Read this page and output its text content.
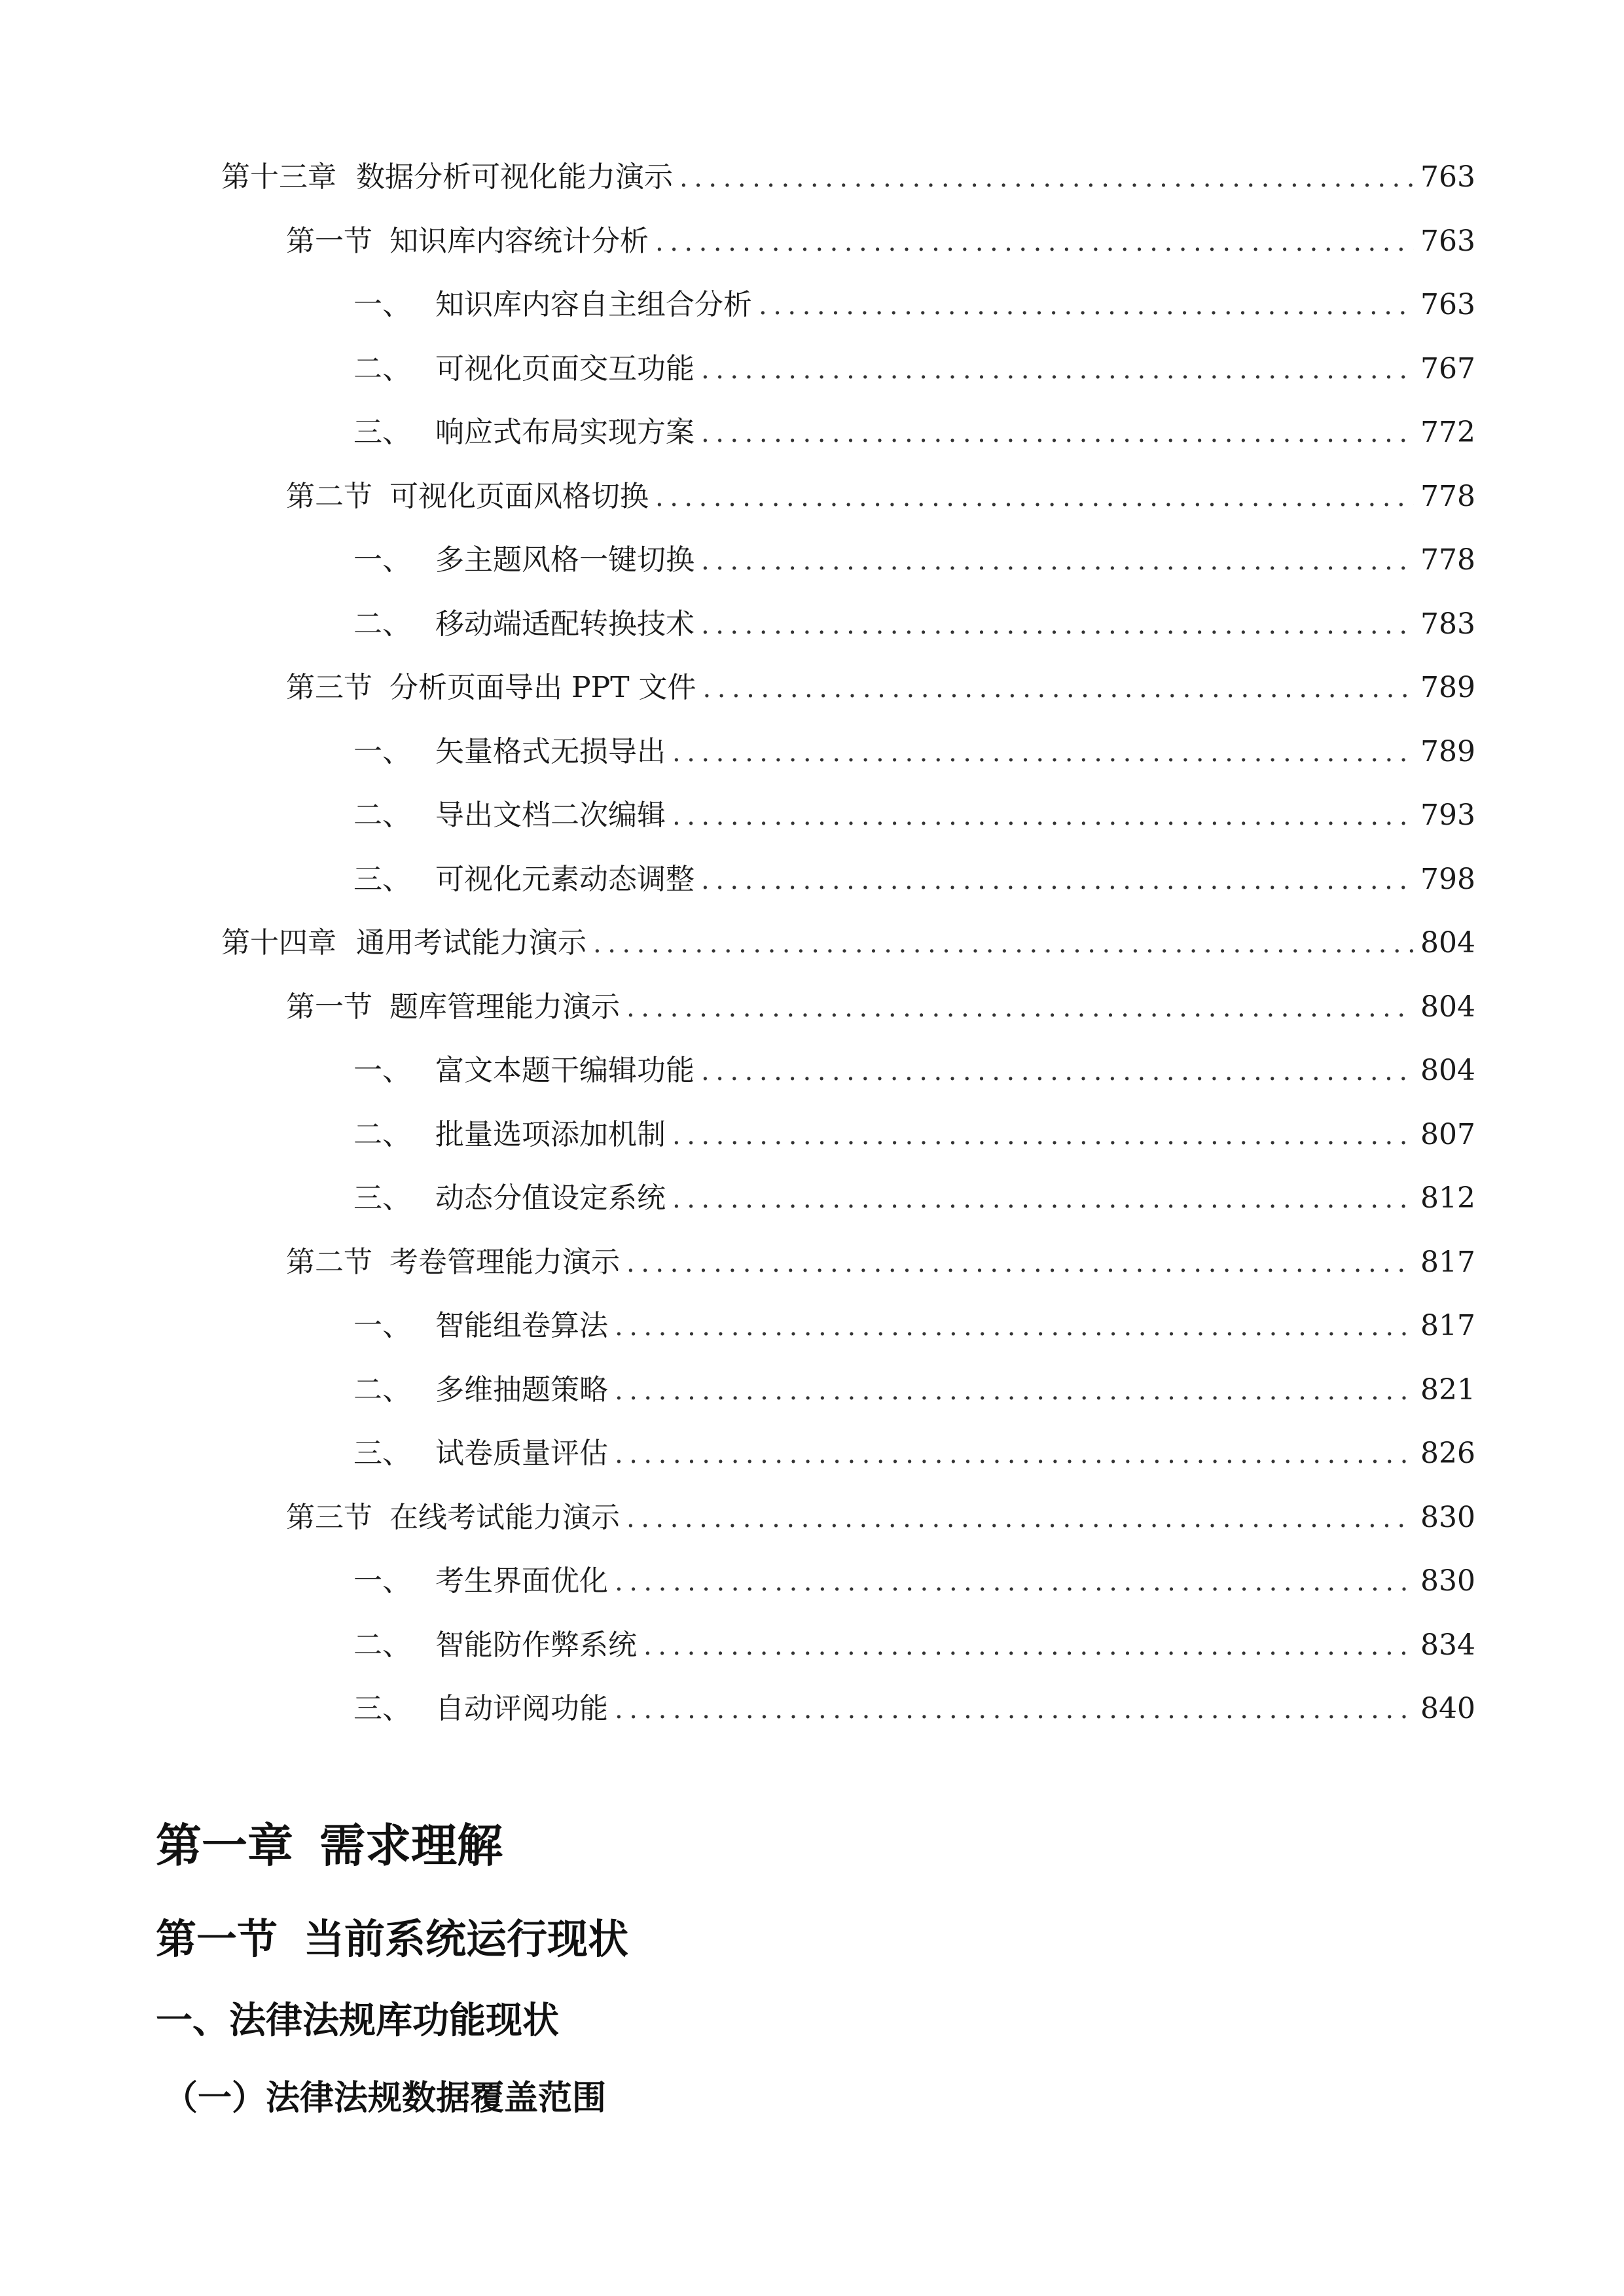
第十三章 数据分析可视化能力演示 .....	763
第一节 知识库内容统计分析 .....	763
一、 知识库内容自主组合分析 .....	763
二、 可视化页面交互功能 .....	767
三、 响应式布局实现方案 .....	772
第二节 可视化页面风格切换 .....	778
一、 多主题风格一键切换 .....	778
二、 移动端适配转换技术 .....	783
第三节 分析页面导出 PPT 文件 .....	789
一、 矢量格式无损导出 .....	789
二、 导出文档二次编辑 .....	793
三、 可视化元素动态调整 .....	798
第十四章 通用考试能力演示 .....	804
第一节 题库管理能力演示 .....	804
一、 富文本题干编辑功能 .....	804
二、 批量选项添加机制 .....	807
三、 动态分值设定系统 .....	812
第二节 考卷管理能力演示 .....	817
一、 智能组卷算法 .....	817
二、 多维抽题策略 .....	821
三、 试卷质量评估 .....	826
第三节 在线考试能力演示 .....	830
一、 考生界面优化 .....	830
二、 智能防作弊系统 .....	834
三、 自动评阅功能 .....	840
第一章 需求理解
第一节 当前系统运行现状
一、法律法规库功能现状
（一）法律法规数据覆盖范围
